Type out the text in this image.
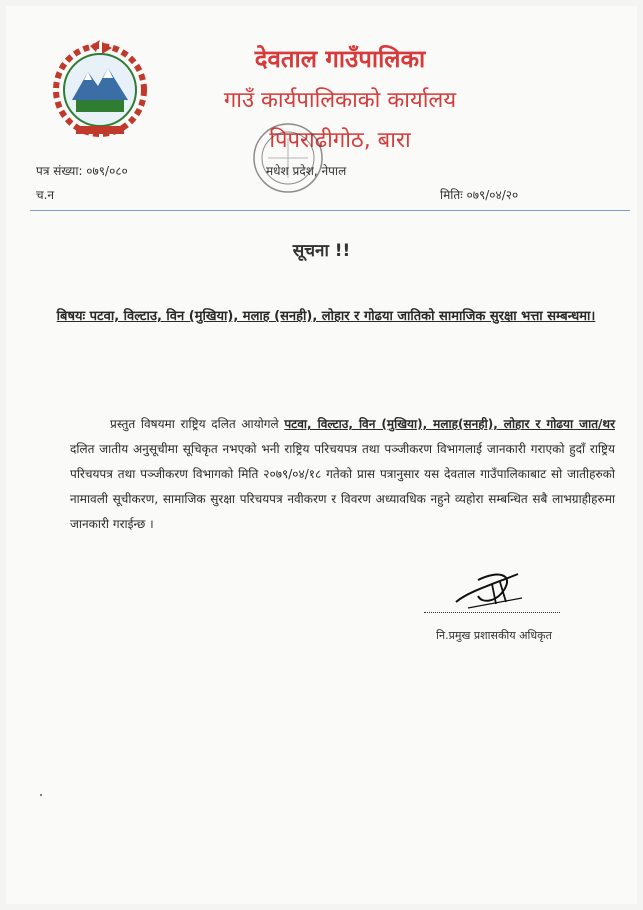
देवताल गाउँपालिका
गाउँ कार्यपालिकाको कार्यालय
पिपराढीगोठ, बारा
पत्र संख्या: ०७९/०८०
च.न
मधेश प्रदेश, नेपाल
मितिः ०७९/०४/२०
सूचना !!
बिषयः पटवा, विल्टाउ, विन (मुखिया), मलाह (सनही), लोहार र गोढया जातिको सामाजिक सुरक्षा भत्ता सम्बन्धमा।
प्रस्तुत विषयमा राष्ट्रिय दलित आयोगले पटवा, विल्टाउ, विन (मुखिया), मलाह(सनही), लोहार र गोढया जात/थर दलित जातीय अनुसूचीमा सूचिकृत नभएको भनी राष्ट्रिय परिचयपत्र तथा पञ्जीकरण विभागलाई जानकारी गराएको हुदाँ राष्ट्रिय परिचयपत्र तथा पञ्जीकरण विभागको मिति २०७९/०४/१८ गतेको प्रास पत्रानुसार यस देवताल गाउँपालिकाबाट सो जातीहरुको नामावली सूचीकरण, सामाजिक सुरक्षा परिचयपत्र नवीकरण र विवरण अध्यावधिक नहुने व्यहोरा सम्बन्धित सबै लाभग्राहीहरुमा जानकारी गराईन्छ ।
नि.प्रमुख प्रशासकीय अधिकृत
